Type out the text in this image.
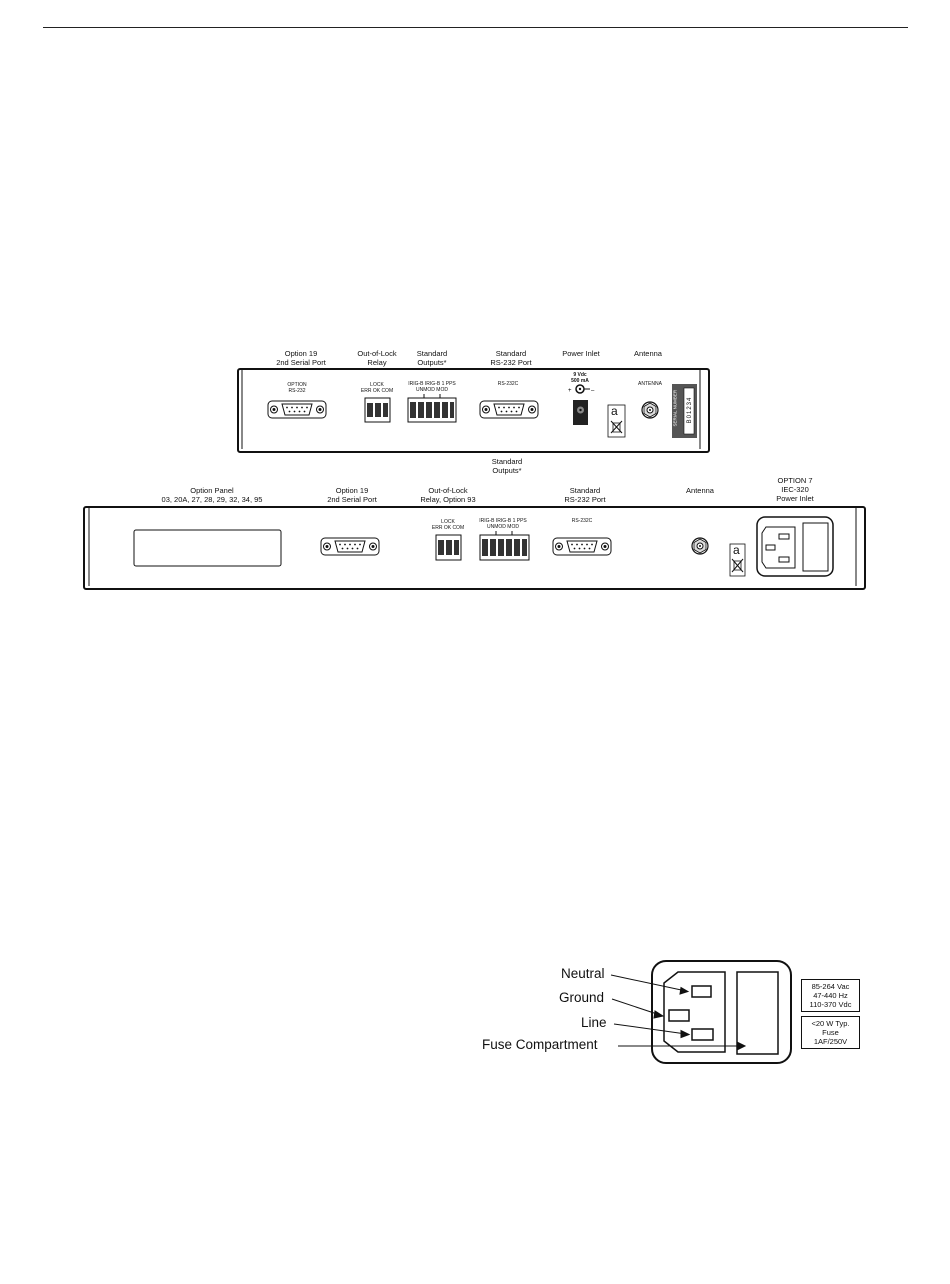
Option 19
2nd Serial Port
Out-of-Lock
Relay
Standard
Outputs*
Standard
RS-232 Port
Power Inlet	Antenna
OPTION
RS-232
LOCK
ERR OK COM
IRIG-B IRIG-B 1 PPS
UNMOD MOD
RS-232C
9 Vdc
500 mA	ANTENNA
Option Panel
03, 20A, 27, 28, 29, 32, 34, 95
Option 19
2nd Serial Port
Out-of-Lock
Relay, Option 93
Standard
Outputs*
Standard
RS-232 Port
Antenna
OPTION 7
IEC-320
Power Inlet
LOCK
ERR OK COM
IRIG-B IRIG-B 1 PPS
UNMOD MOD
RS-232C
+	–	SERIAL NUMBER B01234
a
a
Neutral
Ground
Line
Fuse Compartment
85-264 Vac
47-440 Hz
110-370 Vdc
<20 W Typ.
Fuse
1AF/250V
